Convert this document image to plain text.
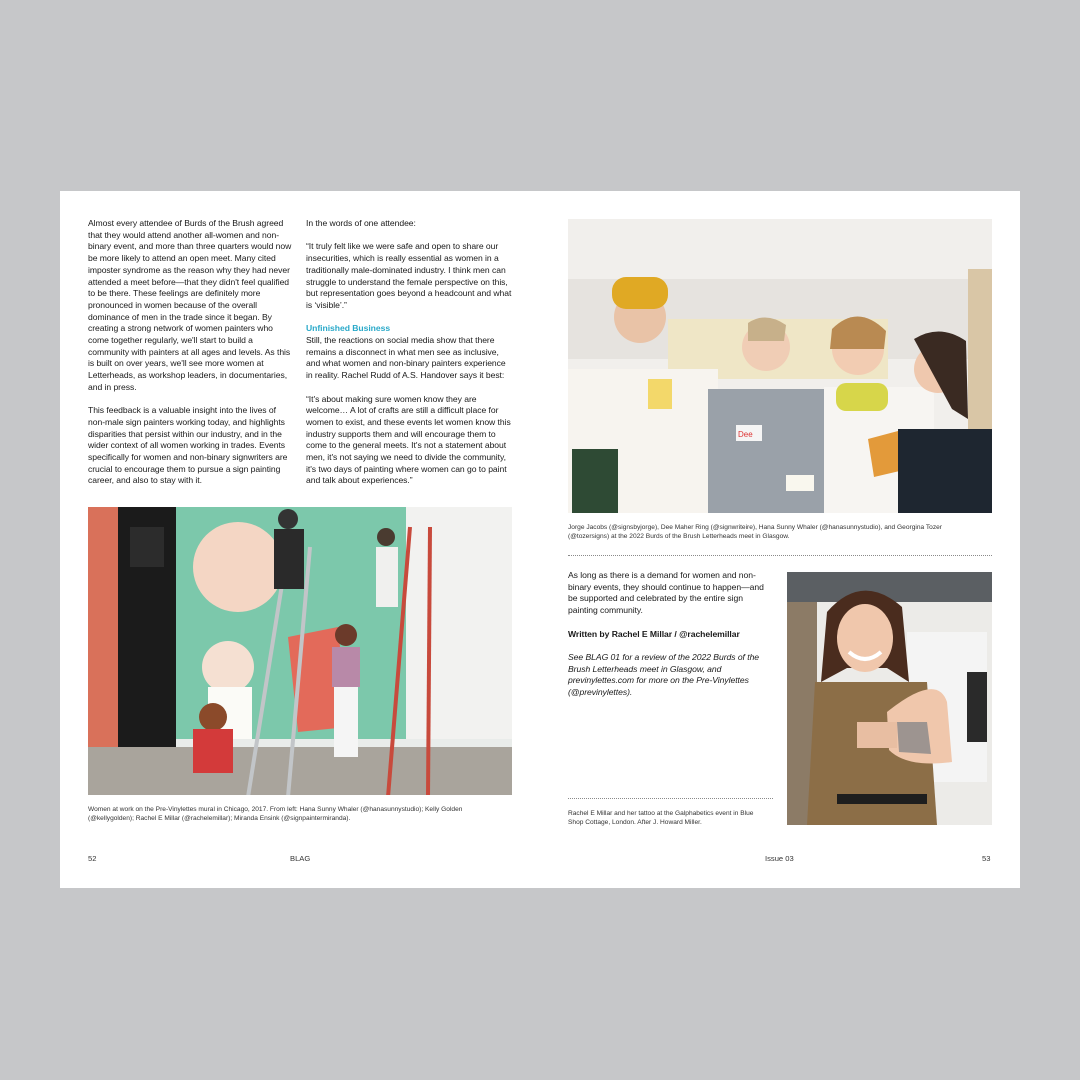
Almost every attendee of Burds of the Brush agreed that they would attend another all-women and non-binary event, and more than three quarters would now be more likely to attend an open meet. Many cited imposter syndrome as the reason why they had never attended a meet before—that they didn't feel qualified to be there. These feelings are definitely more pronounced in women because of the overall dominance of men in the trade since it began. By creating a strong network of women painters who come together regularly, we'll start to build a community with painters at all ages and levels. As this is built on over years, we'll see more women at Letterheads, as workshop leaders, in documentaries, and in press.

This feedback is a valuable insight into the lives of non-male sign painters working today, and highlights disparities that persist within our industry, and in the wider context of all women working in trades. Events specifically for women and non-binary signwriters are crucial to encourage them to pursue a sign painting career, and also to stay with it.

In the words of one attendee:

“It truly felt like we were safe and open to share our insecurities, which is really essential as women in a traditionally male-dominated industry. I think men can struggle to understand the female perspective on this, but representation goes beyond a headcount and what is ‘visible’.”

Unfinished Business

Still, the reactions on social media show that there remains a disconnect in what men see as inclusive, and what women and non-binary painters experience in reality. Rachel Rudd of A.S. Handover says it best:

“It's about making sure women know they are welcome… A lot of crafts are still a difficult place for women to exist, and these events let women know this industry supports them and will encourage them to come to the general meets. It's not a statement about men, it's not saying we need to divide the community, it's two days of painting where women can go to paint and talk about experiences.”

Women at work on the Pre-Vinylettes mural in Chicago, 2017. From left: Hana Sunny Whaler (@hanasunnystudio); Kelly Golden (@kellygolden); Rachel E Millar (@rachelemillar); Miranda Ensink (@signpaintermiranda).
52	BLAG
Dee
Jorge Jacobs (@signsbyjorge), Dee Maher Ring (@signwriteire), Hana Sunny Whaler (@hanasunnystudio), and Georgina Tozer (@tozersigns) at the 2022 Burds of the Brush Letterheads meet in Glasgow.

As long as there is a demand for women and non-binary events, they should continue to happen—and be supported and celebrated by the entire sign painting community.

Written by Rachel E Millar / @rachelemillar

See BLAG 01 for a review of the 2022 Burds of the Brush Letterheads meet in Glasgow, and previnylettes.com for more on the Pre-Vinylettes (@previnylettes).

Rachel E Millar and her tattoo at the Galphabetics event in Blue Shop Cottage, London. After J. Howard Miller.
Issue 03	53
